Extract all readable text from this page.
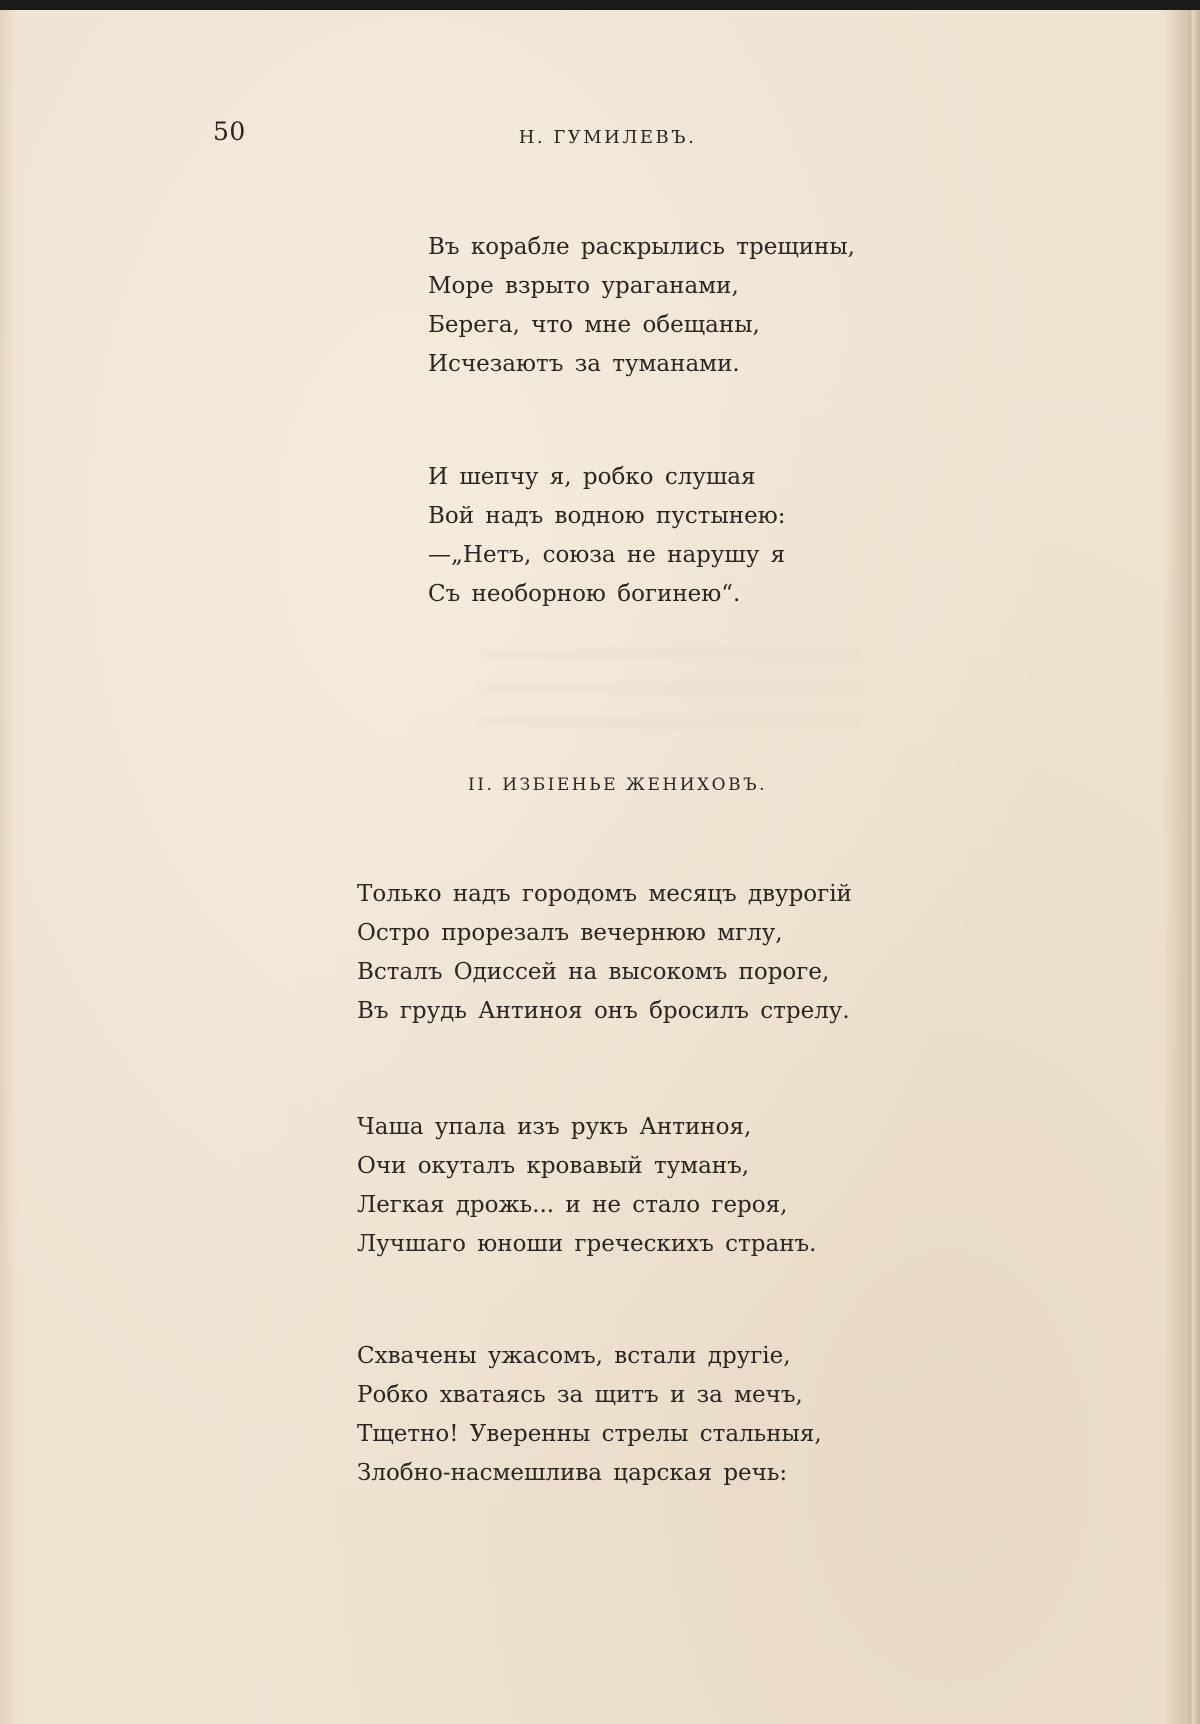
50	Н. ГУМИЛЕВЪ.
Въ корабле раскрылись трещины,
Море взрыто ураганами,
Берега, что мне обещаны,
Исчезаютъ за туманами.
И шепчу я, робко слушая
Вой надъ водною пустынею:
—„Нетъ, союза не нарушу я
Съ необорною богинею“.
II. ИЗБІЕНЬЕ ЖЕНИХОВЪ.
Только надъ городомъ месяцъ двурогій
Остро прорезалъ вечернюю мглу,
Всталъ Одиссей на высокомъ пороге,
Въ грудь Антиноя онъ бросилъ стрелу.
Чаша упала изъ рукъ Антиноя,
Очи окуталъ кровавый туманъ,
Легкая дрожь... и не стало героя,
Лучшаго юноши греческихъ странъ.
Схвачены ужасомъ, встали другіе,
Робко хватаясь за щитъ и за мечъ,
Тщетно! Уверенны стрелы стальныя,
Злобно-насмешлива царская речь:
